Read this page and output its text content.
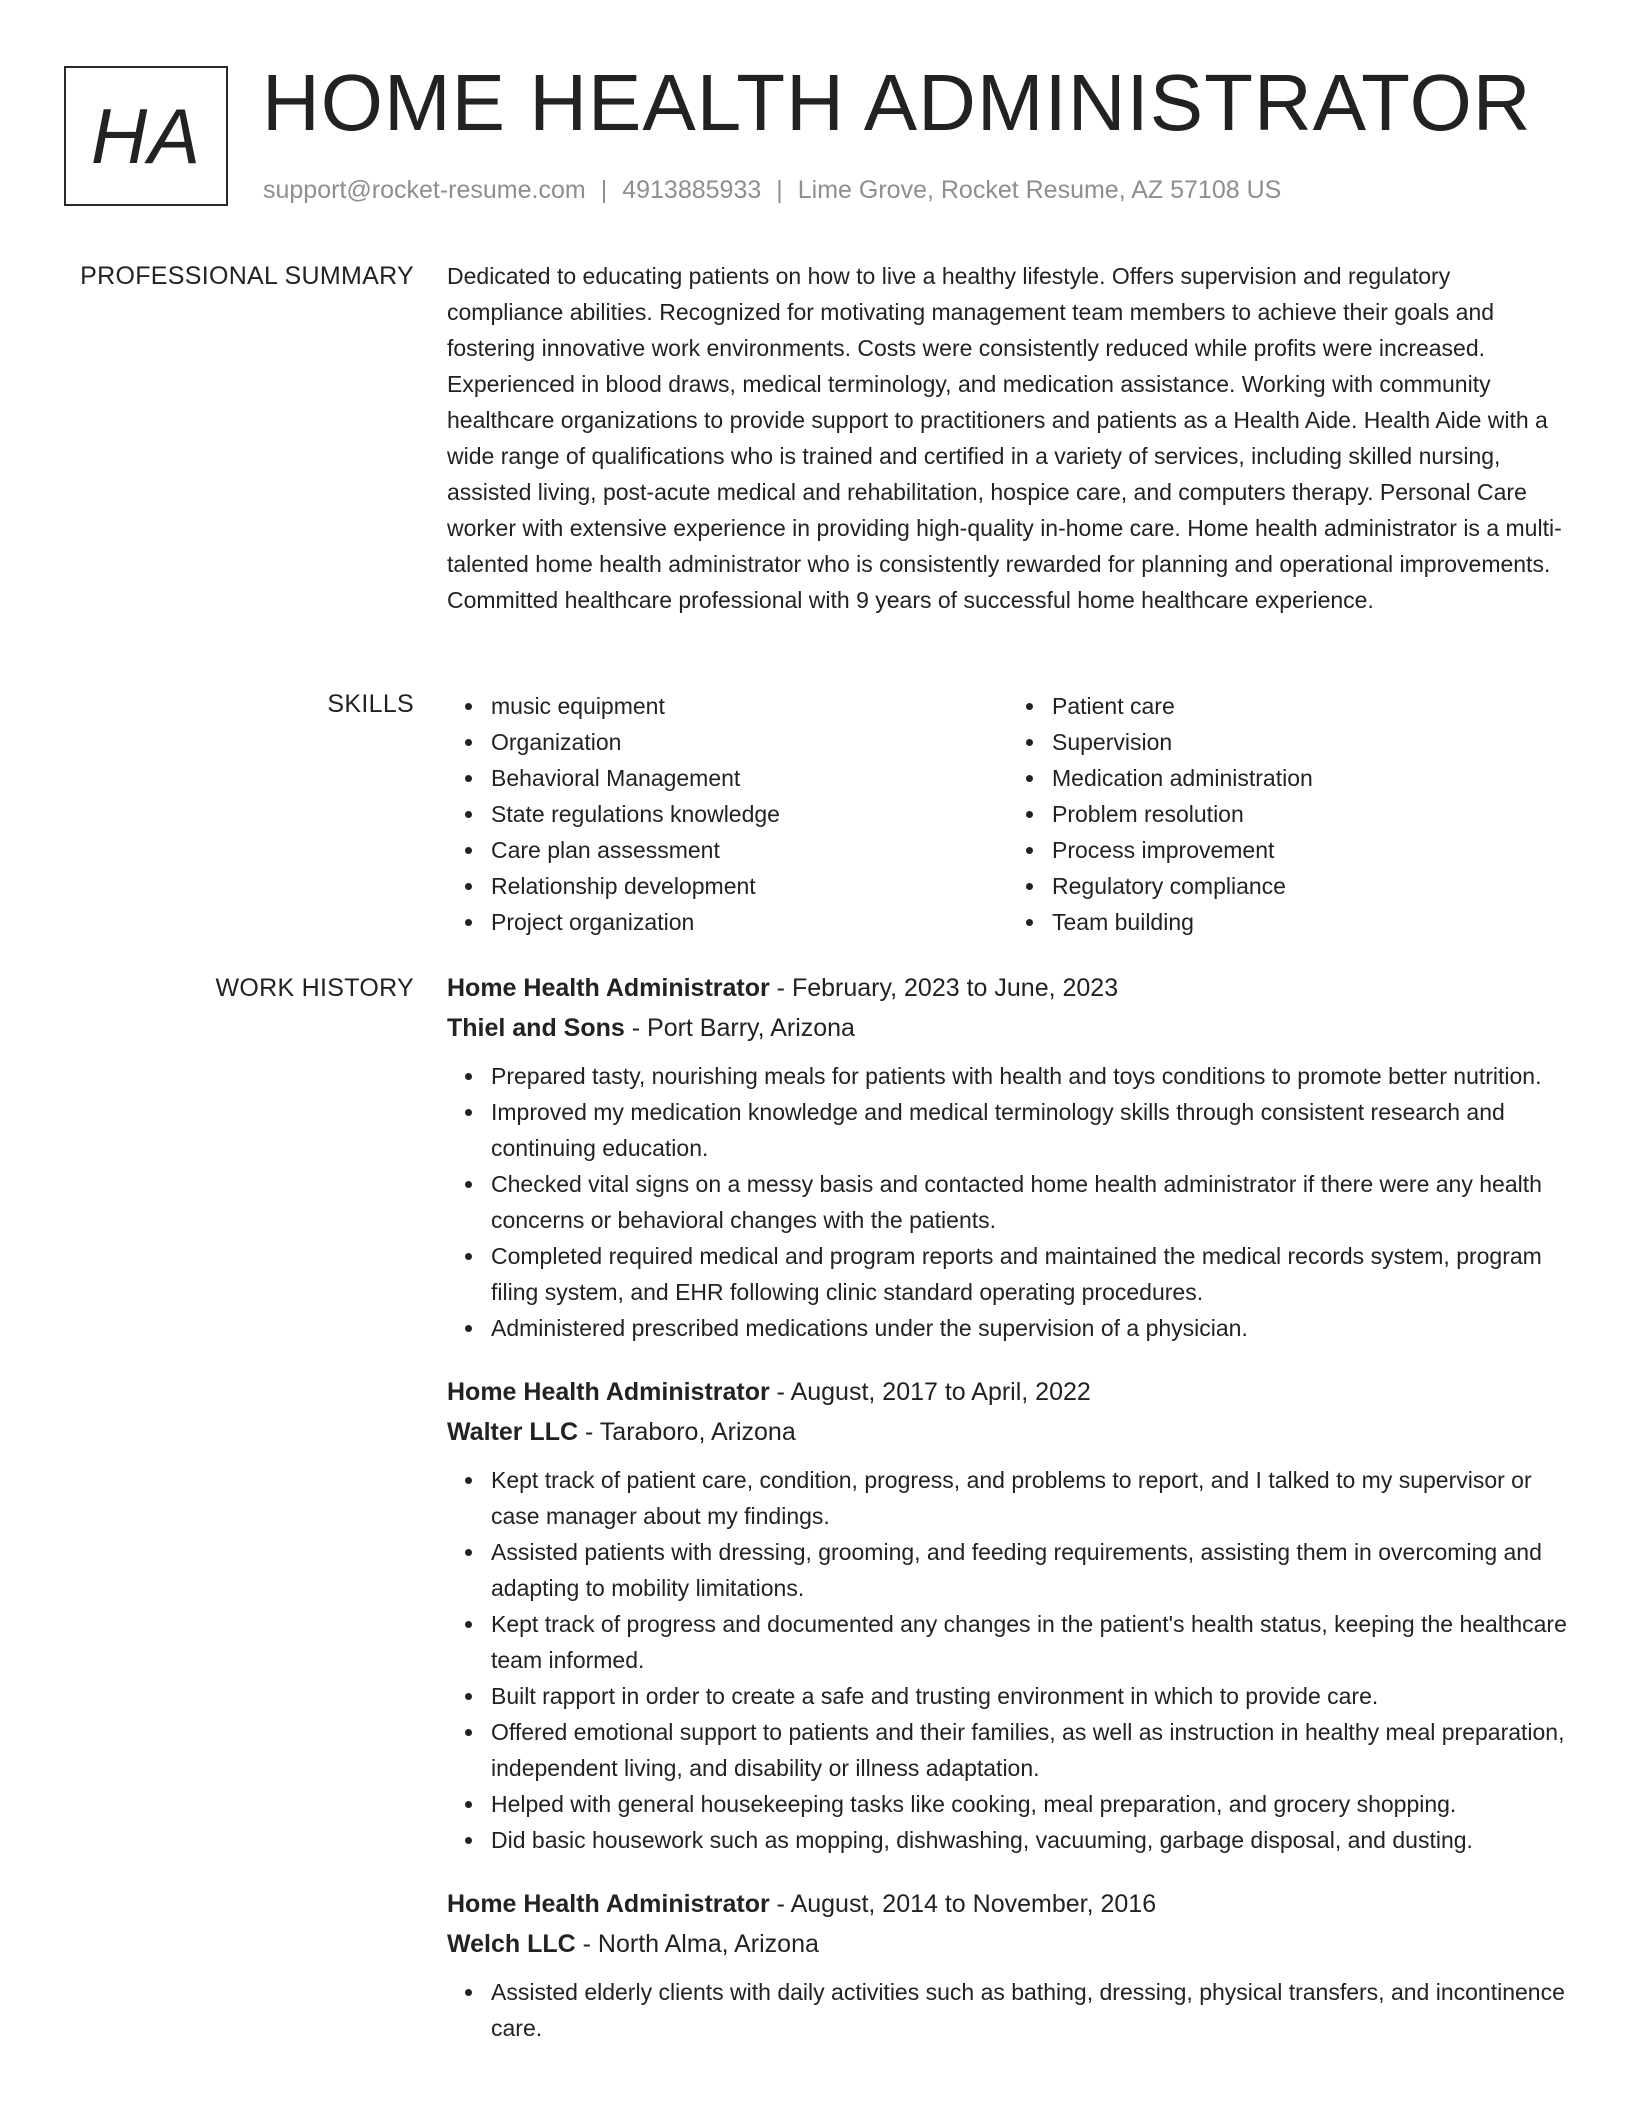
HA HOME HEALTH ADMINISTRATOR
support@rocket-resume.com | 4913885933 | Lime Grove, Rocket Resume, AZ 57108 US
PROFESSIONAL SUMMARY Dedicated to educating patients on how to live a healthy lifestyle. Offers supervision and regulatory compliance abilities. Recognized for motivating management team members to achieve their goals and fostering innovative work environments. Costs were consistently reduced while profits were increased. Experienced in blood draws, medical terminology, and medication assistance. Working with community healthcare organizations to provide support to practitioners and patients as a Health Aide. Health Aide with a wide range of qualifications who is trained and certified in a variety of services, including skilled nursing, assisted living, post-acute medical and rehabilitation, hospice care, and computers therapy. Personal Care worker with extensive experience in providing high-quality in-home care. Home health administrator is a multi-talented home health administrator who is consistently rewarded for planning and operational improvements. Committed healthcare professional with 9 years of successful home healthcare experience.

SKILLS	music equipment
Organization
Behavioral Management
State regulations knowledge
Care plan assessment
Relationship development
Project organization
Patient care
Supervision
Medication administration
Problem resolution
Process improvement
Regulatory compliance
Team building
WORK HISTORY Home Health Administrator - February, 2023 to June, 2023
Thiel and Sons - Port Barry, Arizona
Prepared tasty, nourishing meals for patients with health and toys conditions to promote better nutrition.
Improved my medication knowledge and medical terminology skills through consistent research and continuing education.
Checked vital signs on a messy basis and contacted home health administrator if there were any health concerns or behavioral changes with the patients.
Completed required medical and program reports and maintained the medical records system, program filing system, and EHR following clinic standard operating procedures.
Administered prescribed medications under the supervision of a physician.
Home Health Administrator - August, 2017 to April, 2022
Walter LLC - Taraboro, Arizona
Kept track of patient care, condition, progress, and problems to report, and I talked to my supervisor or case manager about my findings.
Assisted patients with dressing, grooming, and feeding requirements, assisting them in overcoming and adapting to mobility limitations.
Kept track of progress and documented any changes in the patient's health status, keeping the healthcare team informed.
Built rapport in order to create a safe and trusting environment in which to provide care.
Offered emotional support to patients and their families, as well as instruction in healthy meal preparation, independent living, and disability or illness adaptation.
Helped with general housekeeping tasks like cooking, meal preparation, and grocery shopping.
Did basic housework such as mopping, dishwashing, vacuuming, garbage disposal, and dusting.
Home Health Administrator - August, 2014 to November, 2016
Welch LLC - North Alma, Arizona
Assisted elderly clients with daily activities such as bathing, dressing, physical transfers, and incontinence care.
